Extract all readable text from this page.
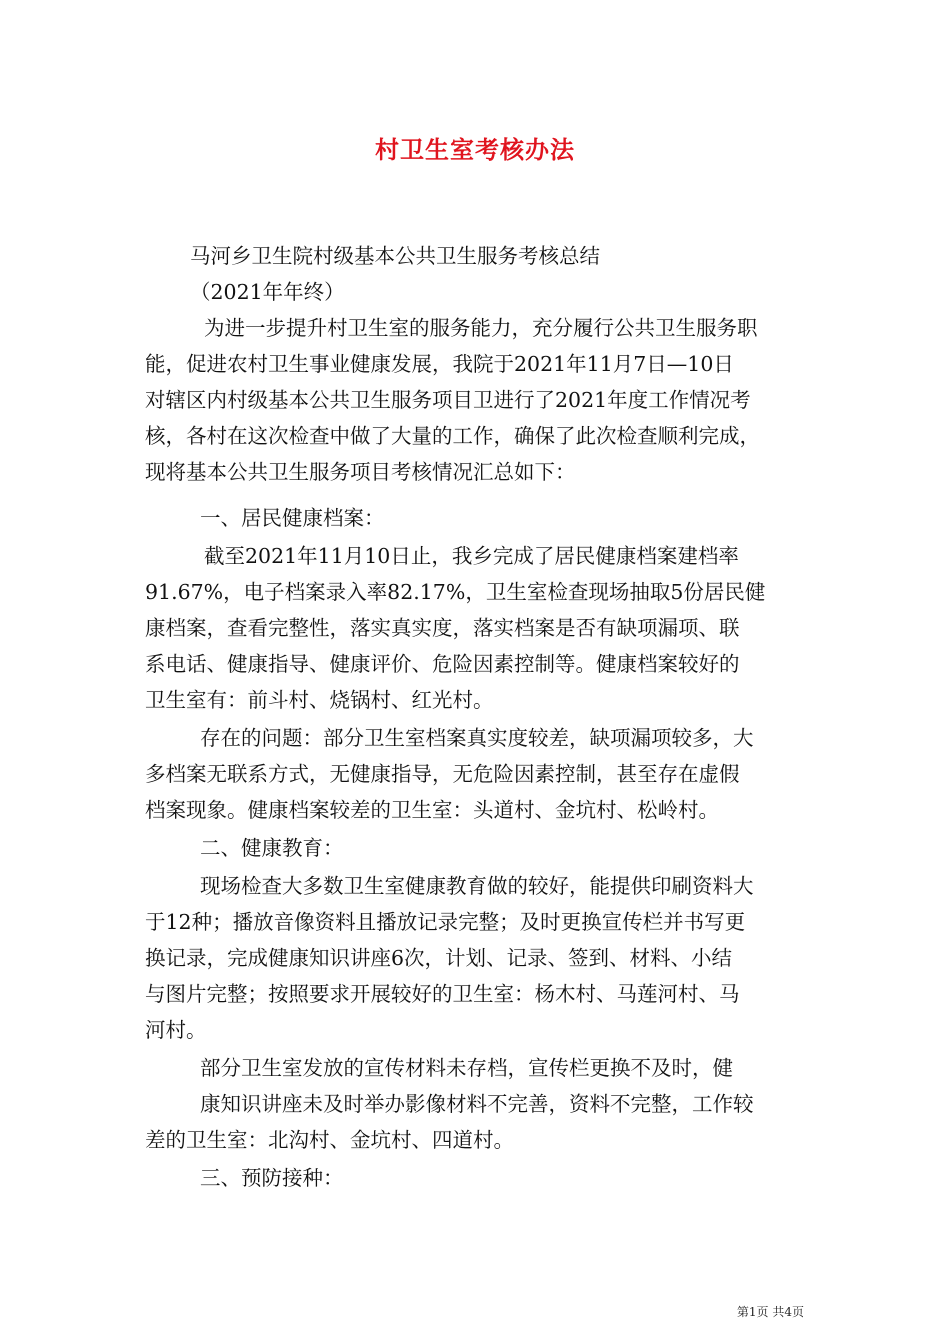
村卫生室考核办法
马河乡卫生院村级基本公共卫生服务考核总结
（2021年年终）
为进一步提升村卫生室的服务能力，充分履行公共卫生服务职
能，促进农村卫生事业健康发展，我院于2021年11月7日—10日
对辖区内村级基本公共卫生服务项目卫进行了2021年度工作情况考
核，各村在这次检查中做了大量的工作，确保了此次检查顺利完成，
现将基本公共卫生服务项目考核情况汇总如下：
一、居民健康档案：
截至2021年11月10日止，我乡完成了居民健康档案建档率
91.67%，电子档案录入率82.17%，卫生室检查现场抽取5份居民健
康档案，查看完整性，落实真实度，落实档案是否有缺项漏项、联
系电话、健康指导、健康评价、危险因素控制等。健康档案较好的
卫生室有：前斗村、烧锅村、红光村。
存在的问题：部分卫生室档案真实度较差，缺项漏项较多，大
多档案无联系方式，无健康指导，无危险因素控制，甚至存在虚假
档案现象。健康档案较差的卫生室：头道村、金坑村、松岭村。
二、健康教育：
现场检查大多数卫生室健康教育做的较好，能提供印刷资料大
于12种；播放音像资料且播放记录完整；及时更换宣传栏并书写更
换记录，完成健康知识讲座6次，计划、记录、签到、材料、小结
与图片完整；按照要求开展较好的卫生室：杨木村、马莲河村、马
河村。
部分卫生室发放的宣传材料未存档，宣传栏更换不及时，健
康知识讲座未及时举办影像材料不完善，资料不完整，工作较
差的卫生室：北沟村、金坑村、四道村。
三、预防接种：
第1页 共4页
